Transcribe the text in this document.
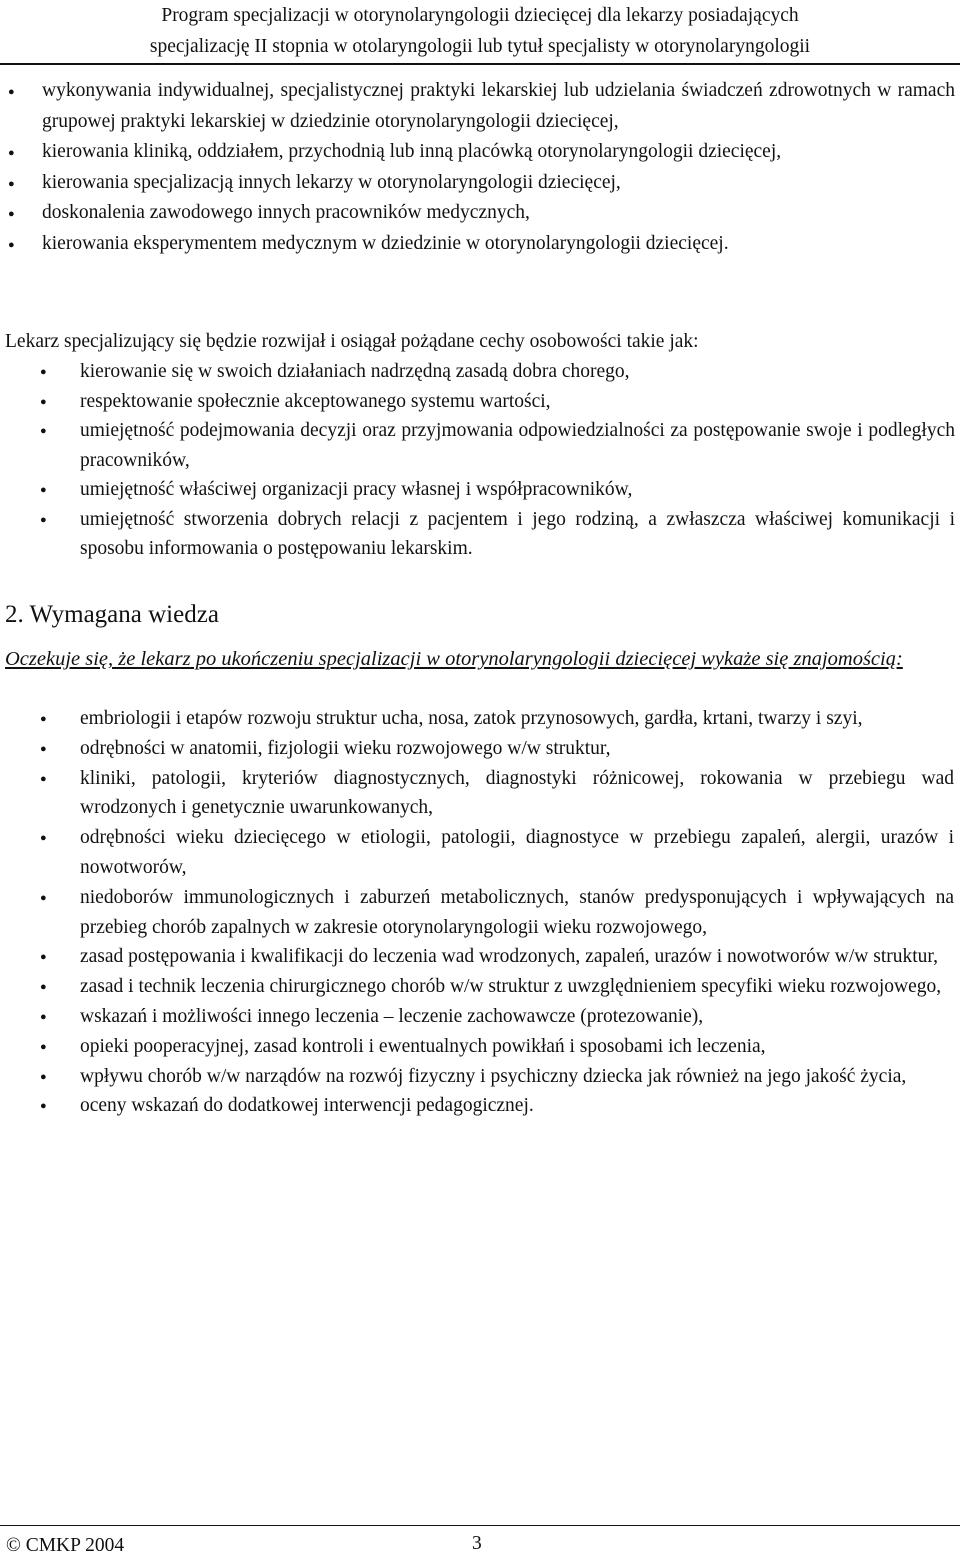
Program specjalizacji w otorynolaryngologii dziecięcej dla lekarzy posiadających
specjalizację II stopnia w otolaryngologii lub tytuł specjalisty w otorynolaryngologii
● wykonywania indywidualnej, specjalistycznej praktyki lekarskiej lub udzielania świadczeń zdrowotnych w ramach grupowej praktyki lekarskiej w dziedzinie otorynolaryngologii dziecięcej,
● kierowania kliniką, oddziałem, przychodnią lub inną placówką otorynolaryngologii dziecięcej,
● kierowania specjalizacją innych lekarzy w otorynolaryngologii dziecięcej,
● doskonalenia zawodowego innych pracowników medycznych,
● kierowania eksperymentem medycznym w dziedzinie w otorynolaryngologii dziecięcej.
Lekarz specjalizujący się będzie rozwijał i osiągał pożądane cechy osobowości takie jak:
● kierowanie się w swoich działaniach nadrzędną zasadą dobra chorego,
● respektowanie społecznie akceptowanego systemu wartości,
● umiejętność podejmowania decyzji oraz przyjmowania odpowiedzialności za postępowanie swoje i podległych pracowników,
● umiejętność właściwej organizacji pracy własnej i współpracowników,
● umiejętność stworzenia dobrych relacji z pacjentem i jego rodziną, a zwłaszcza właściwej komunikacji i sposobu informowania o postępowaniu lekarskim.
2. Wymagana wiedza
Oczekuje się, że lekarz po ukończeniu specjalizacji w otorynolaryngologii dziecięcej wykaże się znajomością:
● embriologii i etapów rozwoju struktur ucha, nosa, zatok przynosowych, gardła, krtani, twarzy i szyi,
● odrębności w anatomii, fizjologii wieku rozwojowego w/w struktur,
● kliniki, patologii, kryteriów diagnostycznych, diagnostyki różnicowej, rokowania w przebiegu wad wrodzonych i genetycznie uwarunkowanych,
● odrębności wieku dziecięcego w etiologii, patologii, diagnostyce w przebiegu zapaleń, alergii, urazów i nowotworów,
● niedoborów immunologicznych i zaburzeń metabolicznych, stanów predysponujących i wpływających na przebieg chorób zapalnych w zakresie otorynolaryngologii wieku rozwojowego,
● zasad postępowania i kwalifikacji do leczenia wad wrodzonych, zapaleń, urazów i nowotworów w/w struktur,
● zasad i technik leczenia chirurgicznego chorób w/w struktur z uwzględnieniem specyfiki wieku rozwojowego,
● wskazań i możliwości innego leczenia – leczenie zachowawcze (protezowanie),
● opieki pooperacyjnej, zasad kontroli i ewentualnych powikłań i sposobami ich leczenia,
● wpływu chorób w/w narządów na rozwój fizyczny i psychiczny dziecka jak również na jego jakość życia,
● oceny wskazań do dodatkowej interwencji pedagogicznej.
© CMKP 2004	3
